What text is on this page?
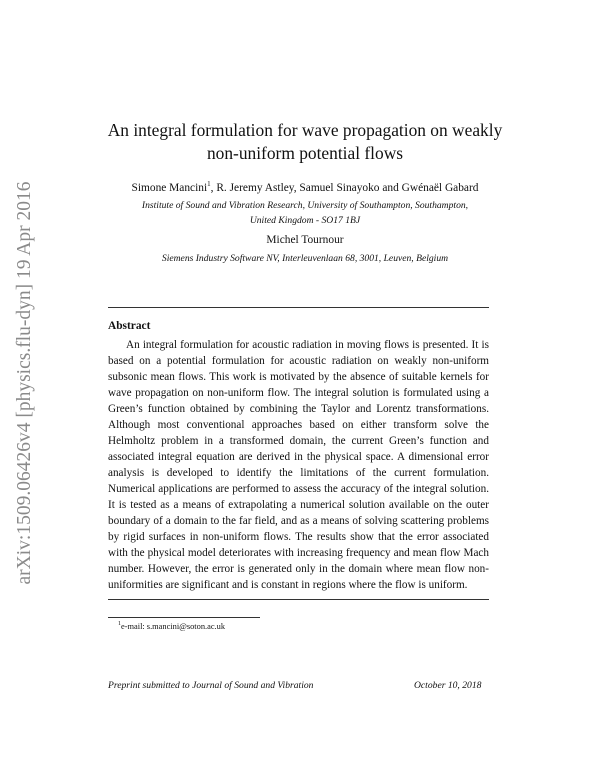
arXiv:1509.06426v4 [physics.flu-dyn] 19 Apr 2016
An integral formulation for wave propagation on weakly
non-uniform potential flows
Simone Mancini$^1$, R. Jeremy Astley, Samuel Sinayoko and Gwénaël Gabard
Institute of Sound and Vibration Research, University of Southampton, Southampton,
United Kingdom - SO17 1BJ
Michel Tournour
Siemens Industry Software NV, Interleuvenlaan 68, 3001, Leuven, Belgium
Abstract

An integral formulation for acoustic radiation in moving flows is presented. It is based on a potential formulation for acoustic radiation on weakly non-uniform subsonic mean flows. This work is motivated by the absence of suitable kernels for wave propagation on non-uniform flow. The integral solution is formulated using a Green’s function obtained by combining the Taylor and Lorentz transformations. Although most conventional approaches based on either transform solve the Helmholtz problem in a transformed domain, the current Green’s function and associated integral equation are derived in the physical space. A dimensional error analysis is developed to identify the limitations of the current formulation. Numerical applications are performed to assess the accuracy of the integral solution. It is tested as a means of extrapolating a numerical solution available on the outer boundary of a domain to the far field, and as a means of solving scattering problems by rigid surfaces in non-uniform flows. The results show that the error associated with the physical model deteriorates with increasing frequency and mean flow Mach number. However, the error is generated only in the domain where mean flow non-uniformities are significant and is constant in regions where the flow is uniform.

$^1$e-mail: s.mancini@soton.ac.uk
Preprint submitted to Journal of Sound and Vibration	October 10, 2018
